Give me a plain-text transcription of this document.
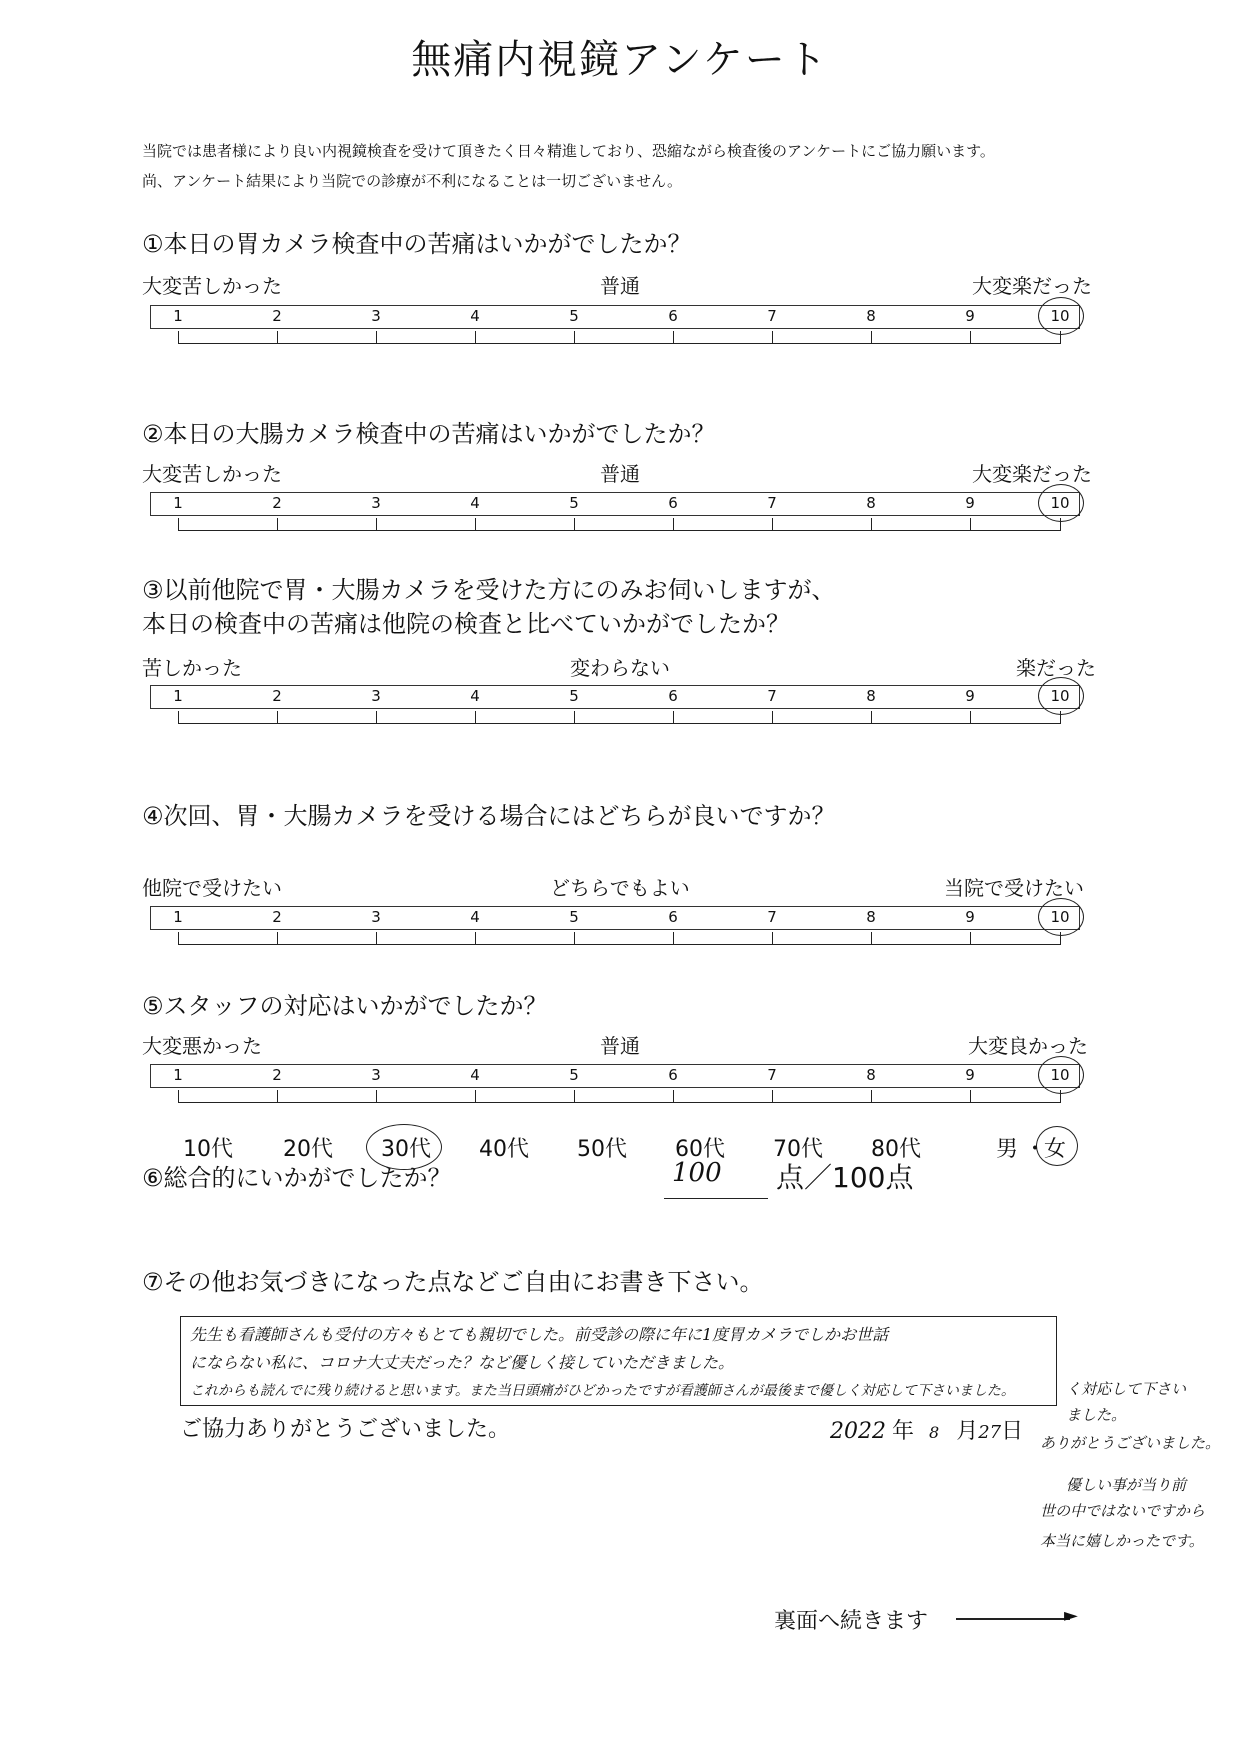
無痛内視鏡アンケート
当院では患者様により良い内視鏡検査を受けて頂きたく日々精進しており、恐縮ながら検査後のアンケートにご協力願います。
尚、アンケート結果により当院での診療が不利になることは一切ございません。
①本日の胃カメラ検査中の苦痛はいかがでしたか？
大変苦しかった	普通	大変楽だった
1	2	3	4	5	6	7	8	9	10
②本日の大腸カメラ検査中の苦痛はいかがでしたか？
大変苦しかった	普通	大変楽だった
1	2	3	4	5	6	7	8	9	10
③以前他院で胃・大腸カメラを受けた方にのみお伺いしますが、
本日の検査中の苦痛は他院の検査と比べていかがでしたか？
苦しかった	変わらない	楽だった
1	2	3	4	5	6	7	8	9	10
④次回、胃・大腸カメラを受ける場合にはどちらが良いですか？
他院で受けたい	どちらでもよい	当院で受けたい
1	2	3	4	5	6	7	8	9	10
⑤スタッフの対応はいかがでしたか？
大変悪かった	普通	大変良かった
1	2	3	4	5	6	7	8	9	10
⑥総合的にいかがでしたか？	100 点／100点
⑦その他お気づきになった点などご自由にお書き下さい。
先生も看護師さんも受付の方々もとても親切でした。前受診の際に年に1度胃カメラでしかお世話
にならない私に、コロナ大丈夫だった？など優しく接していただきました。
これからも読んでに残り続けると思います。また当日頭痛がひどかったですが看護師さんが最後まで優しく対応して下さいました。	く対応して下さい
ました。
ありがとうございました。
優しい事が当り前
世の中ではないですから
本当に嬉しかったです。
ご協力ありがとうございました。	2022 年 8 月27日
10代 20代 30代 40代 50代 60代 70代 80代	男 ・
女
裏面へ続きます	►
